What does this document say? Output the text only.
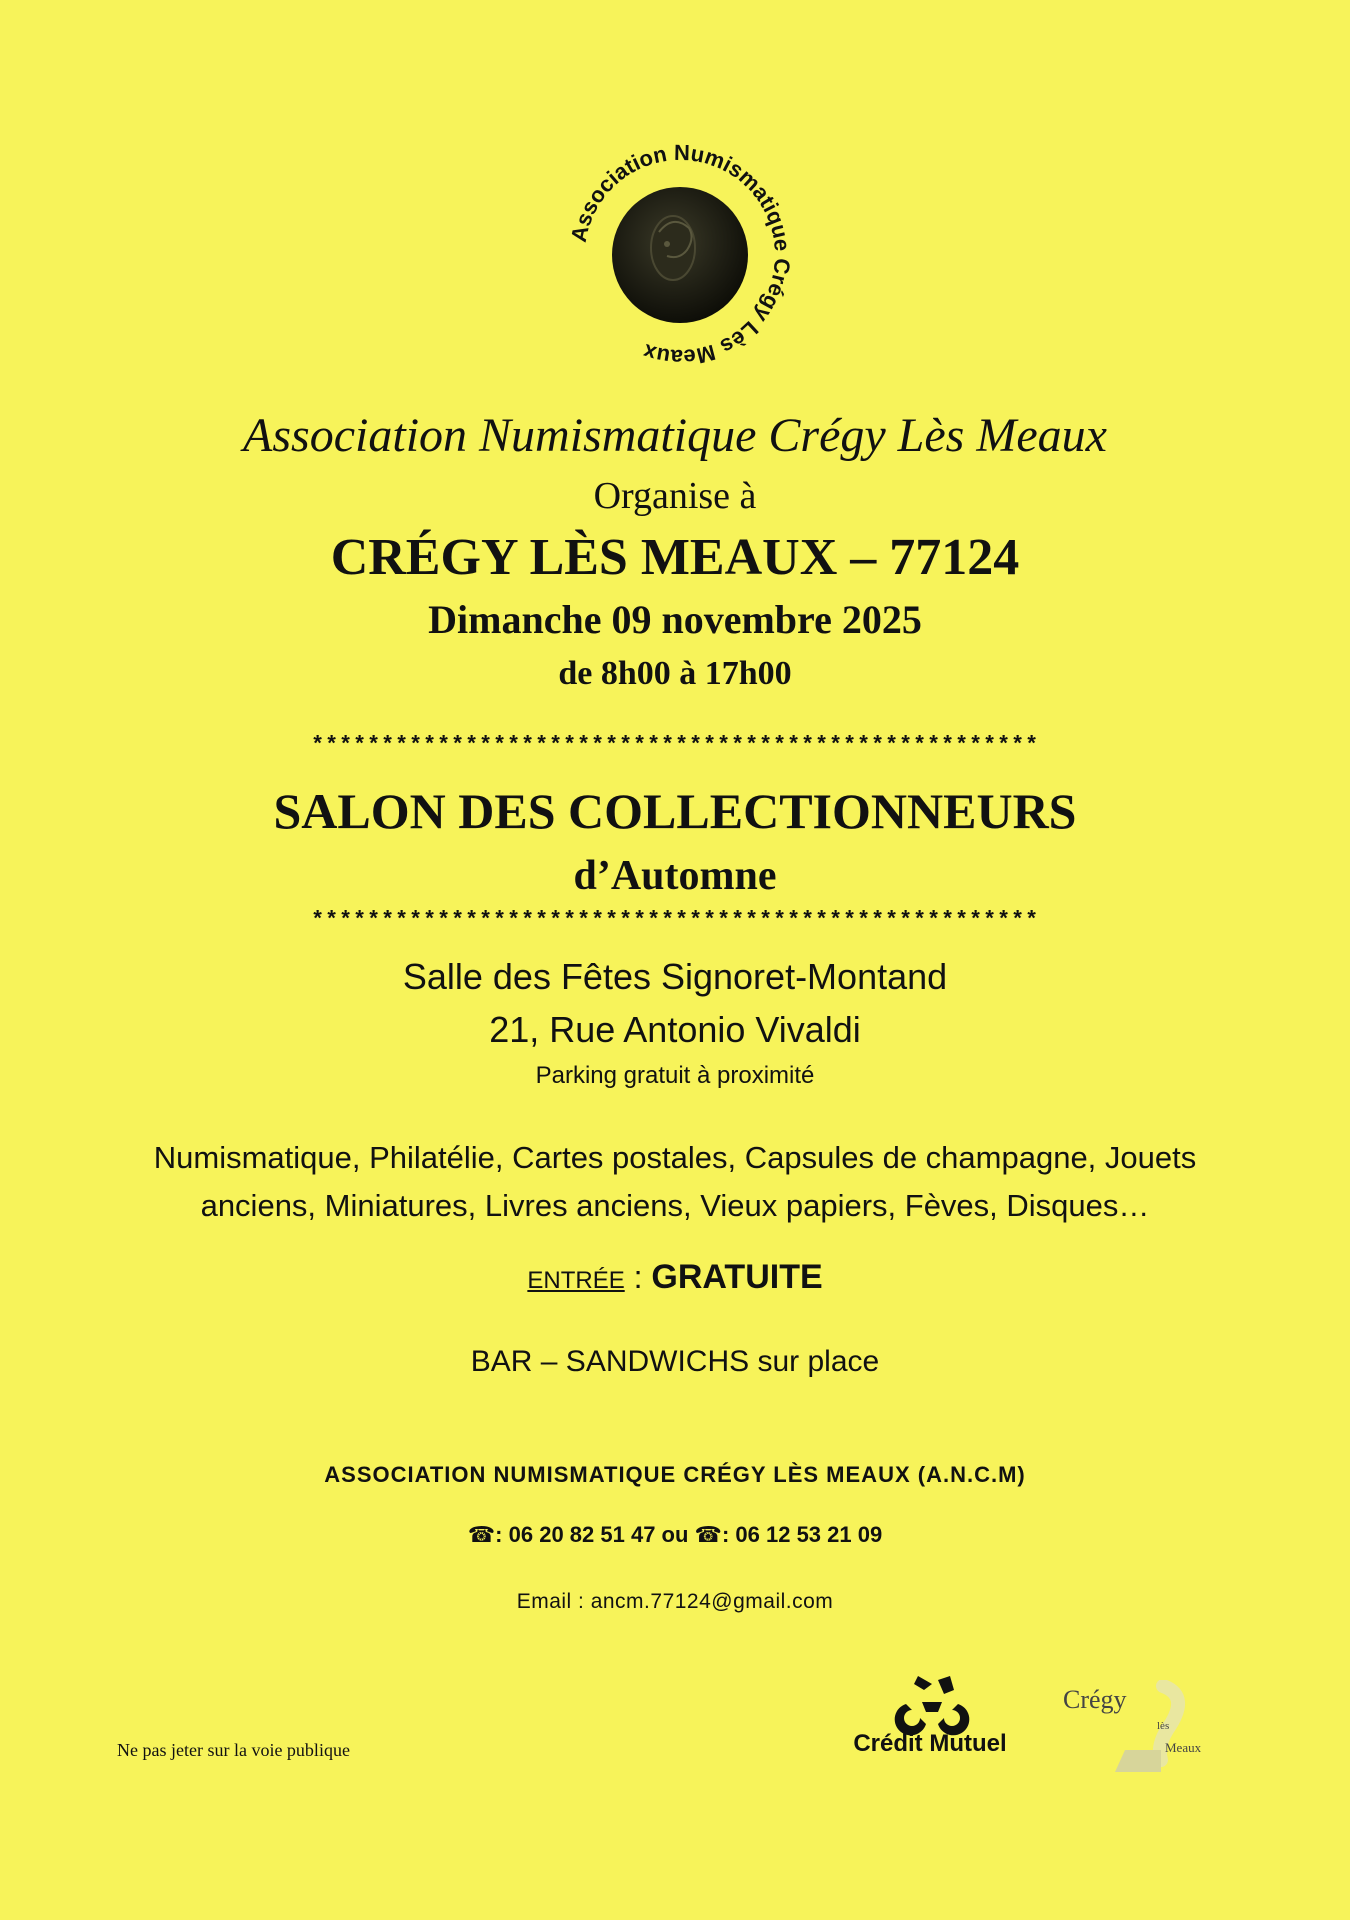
Association Numismatique Crégy Lès Meaux
Association Numismatique Crégy Lès Meaux
Organise à
CRÉGY LÈS MEAUX – 77124
Dimanche 09 novembre 2025
de 8h00 à 17h00
****************************************************
SALON DES COLLECTIONNEURS
d’Automne
****************************************************
Salle des Fêtes Signoret-Montand
21, Rue Antonio Vivaldi
Parking gratuit à proximité
Numismatique, Philatélie, Cartes postales, Capsules de champagne, Jouets
anciens, Miniatures, Livres anciens, Vieux papiers, Fèves, Disques…
ENTRÉE : GRATUITE
BAR – SANDWICHS sur place
ASSOCIATION NUMISMATIQUE CRÉGY LÈS MEAUX (A.N.C.M)
☎: 06 20 82 51 47 ou ☎: 06 12 53 21 09
Email : ancm.77124@gmail.com
Ne pas jeter sur la voie publique	Crédit Mutuel
Crégy
lès
Meaux
